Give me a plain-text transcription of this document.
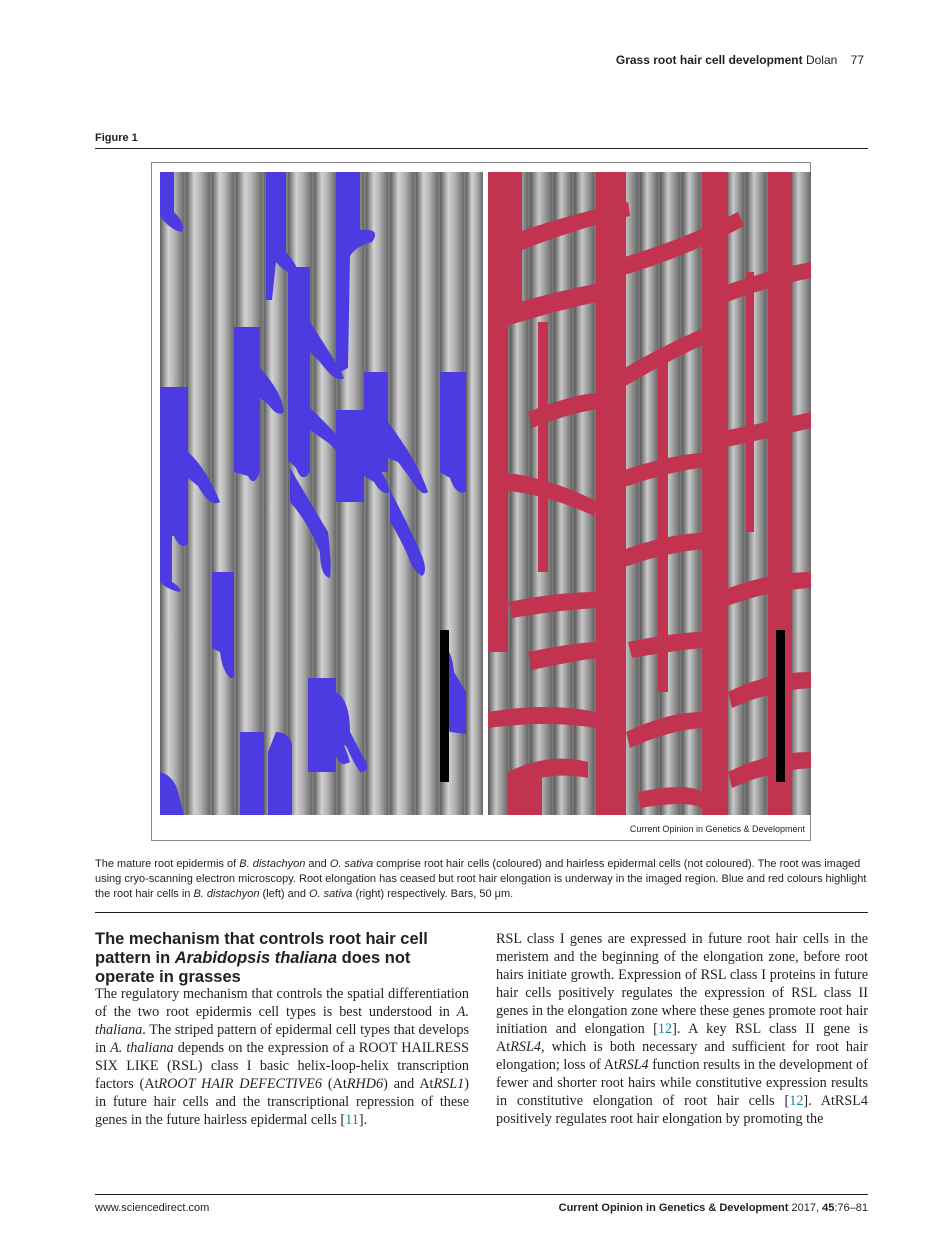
Grass root hair cell development Dolan 77
Figure 1
Current Opinion in Genetics & Development
The mature root epidermis of B. distachyon and O. sativa comprise root hair cells (coloured) and hairless epidermal cells (not coloured). The root was imaged using cryo-scanning electron microscopy. Root elongation has ceased but root hair elongation is underway in the imaged region. Blue and red colours highlight the root hair cells in B. distachyon (left) and O. sativa (right) respectively. Bars, 50 μm.
The mechanism that controls root hair cell pattern in Arabidopsis thaliana does not operate in grasses
The regulatory mechanism that controls the spatial differentiation of the two root epidermis cell types is best understood in A. thaliana. The striped pattern of epidermal cell types that develops in A. thaliana depends on the expression of a ROOT HAILRESS SIX LIKE (RSL) class I basic helix-loop-helix transcription factors (AtROOT HAIR DEFECTIVE6 (AtRHD6) and AtRSL1) in future hair cells and the transcriptional repression of these genes in the future hairless epidermal cells [11].
RSL class I genes are expressed in future root hair cells in the meristem and the beginning of the elongation zone, before root hairs initiate growth. Expression of RSL class I proteins in future hair cells positively regulates the expression of RSL class II genes in the elongation zone where these genes promote root hair initiation and elongation [12]. A key RSL class II gene is AtRSL4, which is both necessary and sufficient for root hair elongation; loss of AtRSL4 function results in the development of fewer and shorter root hairs while constitutive expression results in constitutive elongation of root hair cells [12]. AtRSL4 positively regulates root hair elongation by promoting the
www.sciencedirect.com	Current Opinion in Genetics & Development 2017, 45:76–81
